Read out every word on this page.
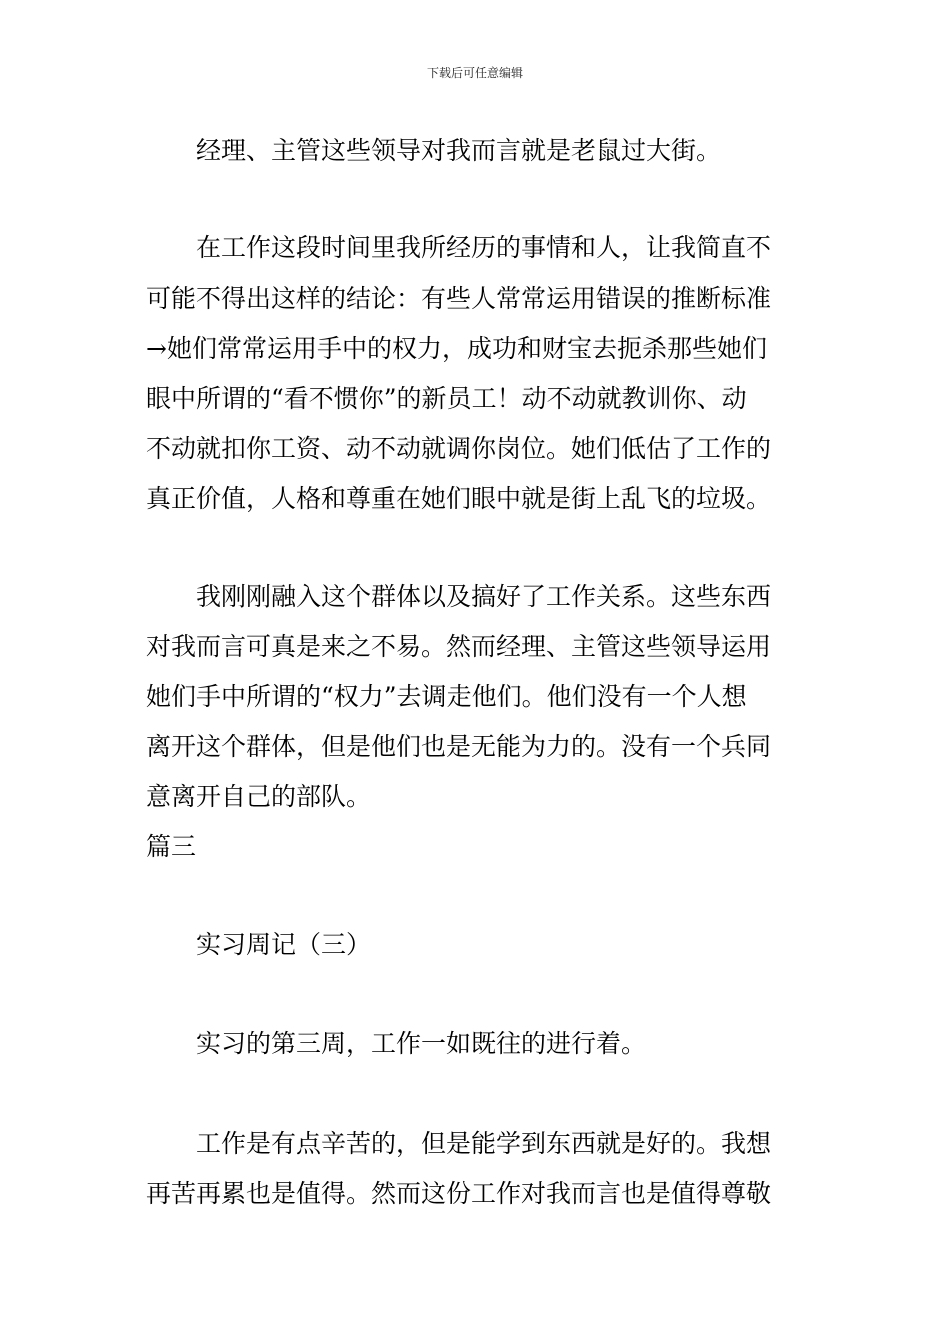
下载后可任意编辑
经理、主管这些领导对我而言就是老鼠过大街。
在工作这段时间里我所经历的事情和人，让我简直不
可能不得出这样的结论：有些人常常运用错误的推断标准
→她们常常运用手中的权力，成功和财宝去扼杀那些她们
眼中所谓的“看不惯你”的新员工！动不动就教训你、动
不动就扣你工资、动不动就调你岗位。她们低估了工作的
真正价值，人格和尊重在她们眼中就是街上乱飞的垃圾。
我刚刚融入这个群体以及搞好了工作关系。这些东西
对我而言可真是来之不易。然而经理、主管这些领导运用
她们手中所谓的“权力”去调走他们。他们没有一个人想
离开这个群体，但是他们也是无能为力的。没有一个兵同
意离开自己的部队。
篇三
实习周记（三）
实习的第三周，工作一如既往的进行着。
工作是有点辛苦的，但是能学到东西就是好的。我想
再苦再累也是值得。然而这份工作对我而言也是值得尊敬
